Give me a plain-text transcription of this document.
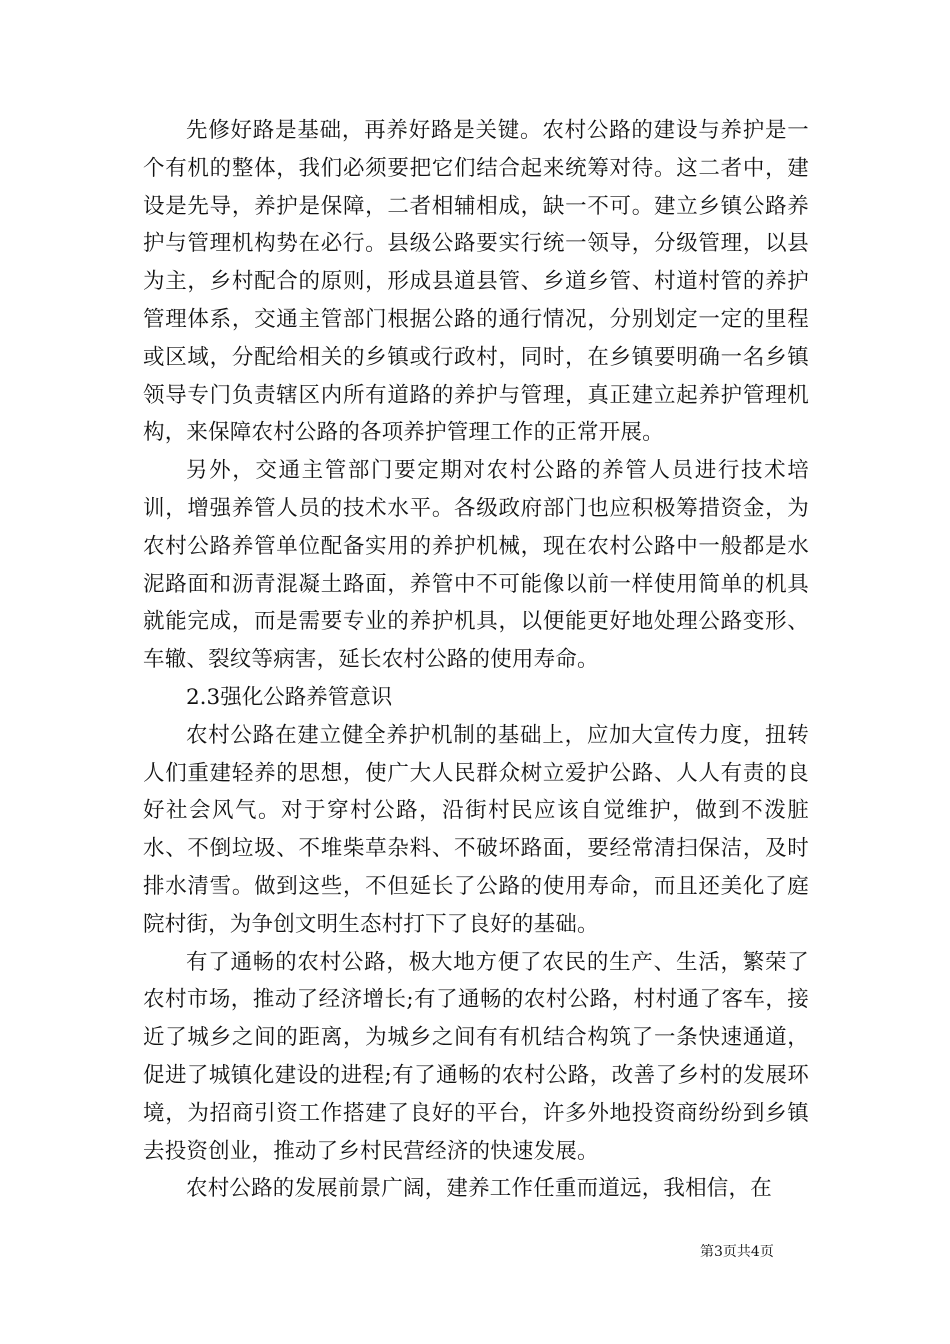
先修好路是基础，再养好路是关键。农村公路的建设与养护是一个有机的整体，我们必须要把它们结合起来统筹对待。这二者中，建设是先导，养护是保障，二者相辅相成，缺一不可。建立乡镇公路养护与管理机构势在必行。县级公路要实行统一领导，分级管理，以县为主，乡村配合的原则，形成县道县管、乡道乡管、村道村管的养护管理体系，交通主管部门根据公路的通行情况，分别划定一定的里程或区域，分配给相关的乡镇或行政村，同时，在乡镇要明确一名乡镇领导专门负责辖区内所有道路的养护与管理，真正建立起养护管理机构，来保障农村公路的各项养护管理工作的正常开展。

另外，交通主管部门要定期对农村公路的养管人员进行技术培训，增强养管人员的技术水平。各级政府部门也应积极筹措资金，为农村公路养管单位配备实用的养护机械，现在农村公路中一般都是水泥路面和沥青混凝土路面，养管中不可能像以前一样使用简单的机具就能完成，而是需要专业的养护机具，以便能更好地处理公路变形、车辙、裂纹等病害，延长农村公路的使用寿命。

2.3强化公路养管意识

农村公路在建立健全养护机制的基础上，应加大宣传力度，扭转人们重建轻养的思想，使广大人民群众树立爱护公路、人人有责的良好社会风气。对于穿村公路，沿街村民应该自觉维护，做到不泼脏水、不倒垃圾、不堆柴草杂料、不破坏路面，要经常清扫保洁，及时排水清雪。做到这些，不但延长了公路的使用寿命，而且还美化了庭院村街，为争创文明生态村打下了良好的基础。

有了通畅的农村公路，极大地方便了农民的生产、生活，繁荣了农村市场，推动了经济增长;有了通畅的农村公路，村村通了客车，接近了城乡之间的距离，为城乡之间有有机结合构筑了一条快速通道，促进了城镇化建设的进程;有了通畅的农村公路，改善了乡村的发展环境，为招商引资工作搭建了良好的平台，许多外地投资商纷纷到乡镇去投资创业，推动了乡村民营经济的快速发展。

农村公路的发展前景广阔，建养工作任重而道远，我相信，在

第3页共4页
